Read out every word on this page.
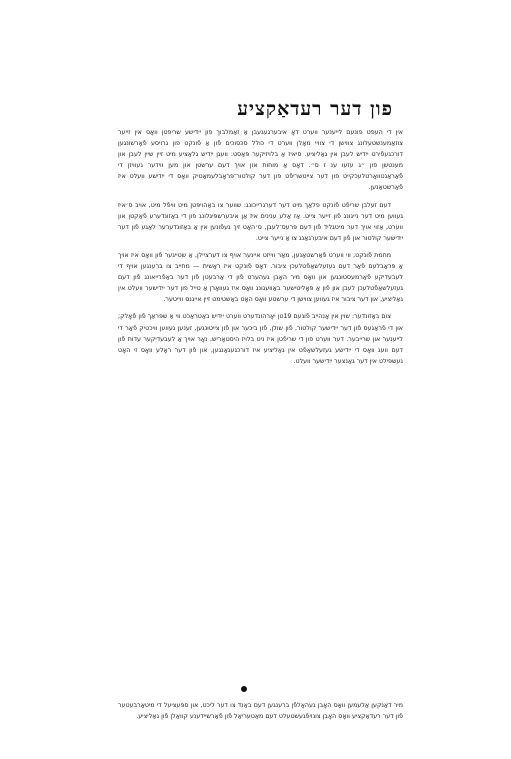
פון דער רעדאַקציע

אין די העפט פונעם לייענער ווערט דאָ איבערגעגעבן אַ זאַמלבוך פון ייִדישע שריפטן וואָס אין זייער צוזאַמענשטעלונג צווישן די צוויי מאָלן ווערט די כּולל סכּסוכים פֿון אַ פֿונקט פון גרויסע פֿאָרשונגען דורכגעפֿירט ייִדיש לעבן אין גאַליציע. סיאיז אַ בלויזיקער פּאַסט: וועגן ייִדיש גלאַציע מיט זיין שיין לעבן און מענטשן פון ״ג עזעו ענ ז ס״. דאָס אַ מוחות און אויך דעם ערשטן און מען ווידער געוויזן די פֿאַראַנטוואָרטלעכקייט פון דער צייטשריפֿט פון דער קולטור־פּראָבלעמאַטיק וואָס די ייִדישע וועלט איז פֿאַרשטאַנען.

דעם זעלבן שריפֿט פֿונקט פלאַך מיט דער דערגרייכונג: שווער צו באַהויפּטן מיט וויפֿל מיט, אויב ס׳איז געווען מיט דער נייגונג פֿון זייער צייט. אַז אַלע ענינים איז אַן איבערשפּיגלונג פון די באַזונדערע פֿאַקטן און ווערט, אַזוי אויך דער מיטגליד פֿון דעם פּרעס־לעבן, ס׳האָט זיך געפֿונען אין אַ באַזונדערער לאַגע פֿון דער ייִדישער קולטור און פֿון דעם איבערגאַנג צו אַ נייער צייט.

מחמת פֿונקט, ווי ווערט פֿאַרשטאַנען, מאַר ווייזט איינער אויף צו דערציילן, אַ שטייגער פֿון וואָס איז אויך אַ פּראָבלעם פֿאַר דעם געזעלשאַפֿטלעכן ציבור. דאָס פֿונקט איז ראָשית — מחייב צו ברענגען אויף די לעבעדיקע פֿאַרמעסטונגען און וואָס מיר האָבן געהערט פֿון די אַרבעטן פֿון דער באַפֿרייאונג פֿון דעם געזעלשאַפֿטלעכן לעבן און פֿון אַ פּאָליטישער באַוועגונג וואָס איז געוואָרן אַ טייל פון דער ייִדישער וועלט אין גאַליציע, און דער ציבור איז געווען צווישן די ערשטע וואָס האָט באַשטימט זיין אייגנס ווייטער.

צום באַזונדער: שוין אין אָנהייב פֿונעם 19טן יאָרהונדערט ווערט ייִדיש באַטראַכט ווי אַ שפּראַך פֿון פֿאָלק; און די פֿראַגעס פֿון דער ייִדישער קולטור, פֿון שולן, פֿון ביכער און פֿון צייטונגען, זענען געווען וויכטיק פֿאַר די לייענער און שרייבער. דער ווערט פון די שריפֿטן איז ניט בלויז היסטאָריש, נאָר אויך אַ לעבעדיקער עדות פֿון דעם וועג וואָס די ייִדישע געזעלשאַפֿט אין גאַליציע איז דורכגעגאַנגען, און פֿון דער ראָלע וואָס זי האָט געשפּילט אין דער גאַנצער ייִדישער וועלט.

מיר דאַנקען אַלעמען וואָס האָבן געהאָלפֿן ברענגען דעם באַנד צו דער ליכט, און ספּעציעל די מיטאַרבעטער פֿון דער רעדאַקציע וואָס האָבן צונויפֿגעשטעלט דעם מאַטעריאַל פֿון פֿאַרשיידענע קוואַלן פֿון גאַליציע.
